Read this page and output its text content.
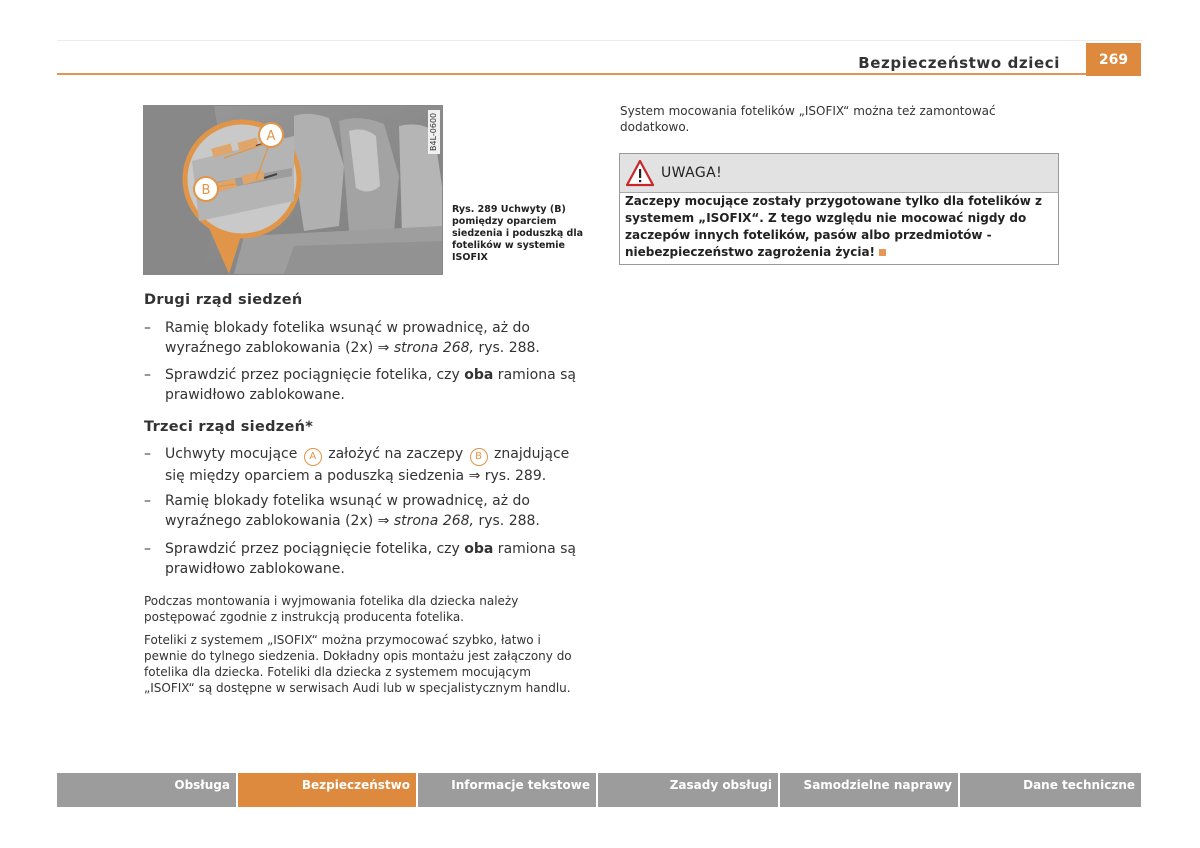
Bezpieczeństwo dzieci	269
A
B
B4L-0600
Rys. 289 Uchwyty (B) pomiędzy oparciem siedzenia i poduszką dla fotelików w systemie ISOFIX
Drugi rząd siedzeń
–	Ramię blokady fotelika wsunąć w prowadnicę, aż do wyraźnego zablokowania (2x) ⇒ strona 268, rys. 288.
–	Sprawdzić przez pociągnięcie fotelika, czy oba ramiona są prawidłowo zablokowane.
Trzeci rząd siedzeń*
–	Uchwyty mocujące A założyć na zaczepy B znajdujące się między oparciem a poduszką siedzenia ⇒ rys. 289.
–	Ramię blokady fotelika wsunąć w prowadnicę, aż do wyraźnego zablokowania (2x) ⇒ strona 268, rys. 288.
–	Sprawdzić przez pociągnięcie fotelika, czy oba ramiona są prawidłowo zablokowane.
Podczas montowania i wyjmowania fotelika dla dziecka należy postępować zgodnie z instrukcją producenta fotelika.
Foteliki z systemem „ISOFIX“ można przymocować szybko, łatwo i pewnie do tylnego siedzenia. Dokładny opis montażu jest załączony do fotelika dla dziecka. Foteliki dla dziecka z systemem mocującym „ISOFIX“ są dostępne w serwisach Audi lub w specjalistycznym handlu.
System mocowania fotelików „ISOFIX“ można też zamontować dodatkowo.
UWAGA!
Zaczepy mocujące zostały przygotowane tylko dla fotelików z systemem „ISOFIX“. Z tego względu nie mocować nigdy do zaczepów innych fotelików, pasów albo przedmiotów - niebezpieczeństwo zagrożenia życia!
Obsługa	Bezpieczeństwo	Informacje tekstowe	Zasady obsługi	Samodzielne naprawy	Dane techniczne
